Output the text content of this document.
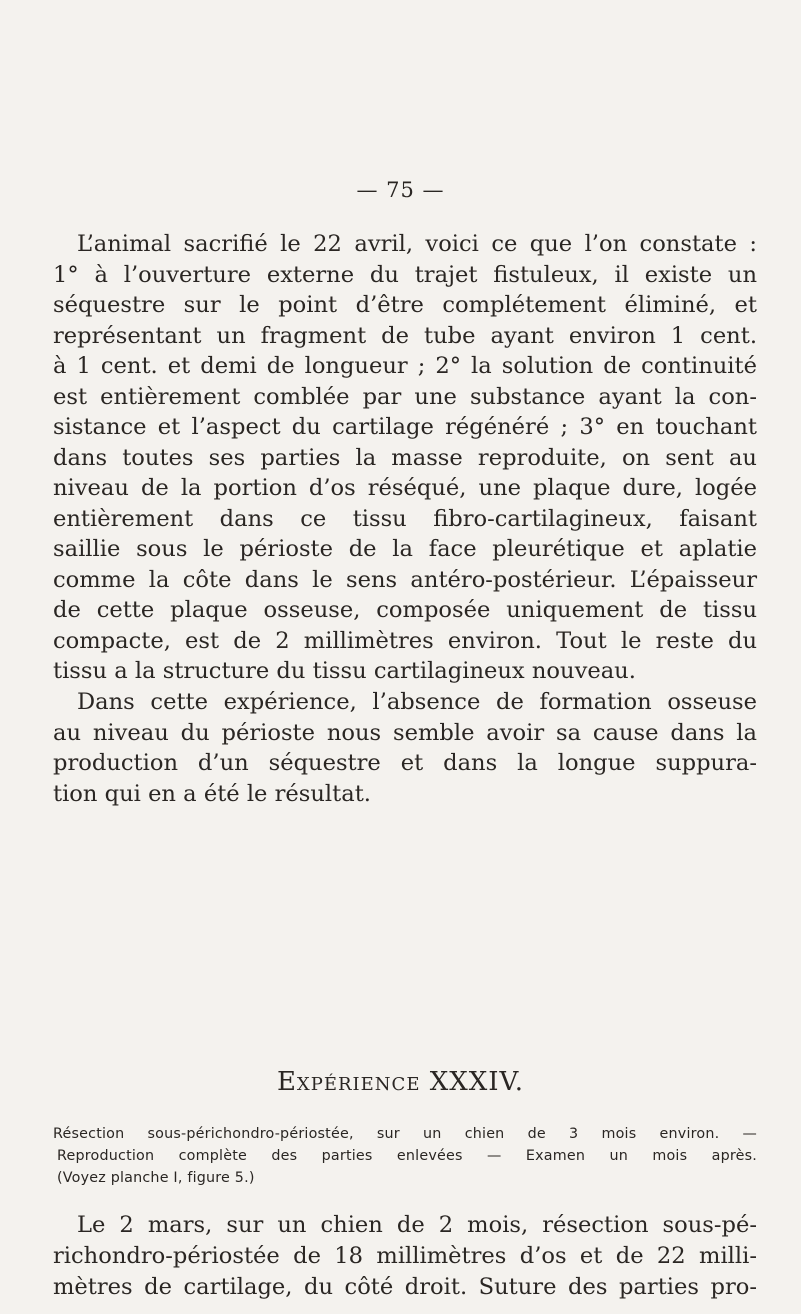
— 75 —
L’animal sacrifié le 22 avril, voici ce que l’on constate :
1° à l’ouverture externe du trajet fistuleux, il existe un
séquestre sur le point d’être complétement éliminé, et
représentant un fragment de tube ayant environ 1 cent.
à 1 cent. et demi de longueur ; 2° la solution de continuité
est entièrement comblée par une substance ayant la con-
sistance et l’aspect du cartilage régénéré ; 3° en touchant
dans toutes ses parties la masse reproduite, on sent au
niveau de la portion d’os réséqué, une plaque dure, logée
entièrement dans ce tissu fibro-cartilagineux, faisant
saillie sous le périoste de la face pleurétique et aplatie
comme la côte dans le sens antéro-postérieur. L’épaisseur
de cette plaque osseuse, composée uniquement de tissu
compacte, est de 2 millimètres environ. Tout le reste du
tissu a la structure du tissu cartilagineux nouveau.
Dans cette expérience, l’absence de formation osseuse
au niveau du périoste nous semble avoir sa cause dans la
production d’un séquestre et dans la longue suppura-
tion qui en a été le résultat.
Expérience XXXIV.
Résection sous-périchondro-périostée, sur un chien de 3 mois environ. —
Reproduction complète des parties enlevées — Examen un mois après.
(Voyez planche I, figure 5.)
Le 2 mars, sur un chien de 2 mois, résection sous-pé-
richondro-périostée de 18 millimètres d’os et de 22 milli-
mètres de cartilage, du côté droit. Suture des parties pro-
